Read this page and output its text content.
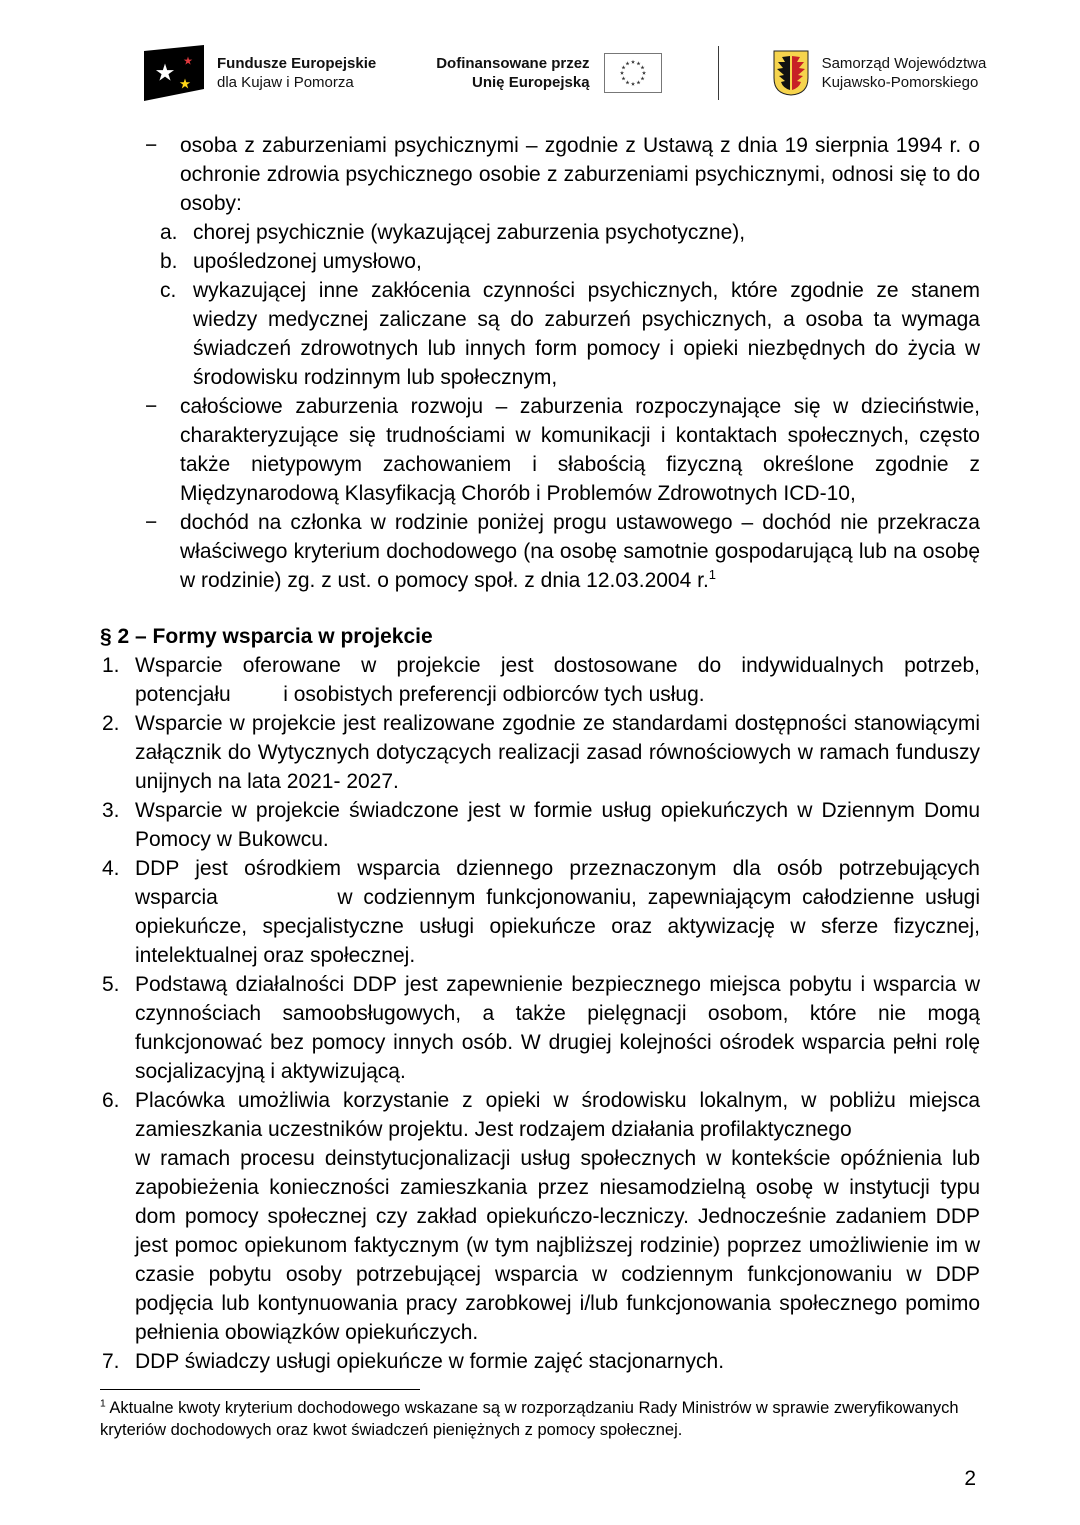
Fundusze Europejskie
dla Kujaw i Pomorza
Dofinansowane przez
Unię Europejską
Samorząd Województwa
Kujawsko-Pomorskiego
−	osoba z zaburzeniami psychicznymi – zgodnie z Ustawą z dnia 19 sierpnia 1994 r. o ochronie zdrowia psychicznego osobie z zaburzeniami psychicznymi, odnosi się to do osoby:

a. chorej psychicznie (wykazującej zaburzenia psychotyczne),

b. upośledzonej umysłowo,

c. wykazującej inne zakłócenia czynności psychicznych, które zgodnie ze stanem wiedzy medycznej zaliczane są do zaburzeń psychicznych, a osoba ta wymaga świadczeń zdrowotnych lub innych form pomocy i opieki niezbędnych do życia w środowisku rodzinnym lub społecznym,

−	całościowe zaburzenia rozwoju – zaburzenia rozpoczynające się w dzieciństwie, charakteryzujące się trudnościami w komunikacji i kontaktach społecznych, często także nietypowym zachowaniem i słabością fizyczną określone zgodnie z Międzynarodową Klasyfikacją Chorób i Problemów Zdrowotnych ICD-10,

−	dochód na członka w rodzinie poniżej progu ustawowego – dochód nie przekracza właściwego kryterium dochodowego (na osobę samotnie gospodarującą lub na osobę w rodzinie) zg. z ust. o pomocy społ. z dnia 12.03.2004 r.$^1$

§ 2 – Formy wsparcia w projekcie
1. Wsparcie oferowane w projekcie jest dostosowane do indywidualnych potrzeb, potencjału         i osobistych preferencji odbiorców tych usług.

2. Wsparcie w projekcie jest realizowane zgodnie ze standardami dostępności stanowiącymi załącznik do Wytycznych dotyczących realizacji zasad równościowych w ramach funduszy unijnych na lata 2021- 2027.

3. Wsparcie w projekcie świadczone jest w formie usług opiekuńczych w Dziennym Domu Pomocy w Bukowcu.

4. DDP jest ośrodkiem wsparcia dziennego przeznaczonym dla osób potrzebujących wsparcia           w codziennym funkcjonowaniu, zapewniającym całodzienne usługi opiekuńcze, specjalistyczne usługi opiekuńcze oraz aktywizację w sferze fizycznej, intelektualnej oraz społecznej.

5. Podstawą działalności DDP jest zapewnienie bezpiecznego miejsca pobytu i wsparcia w czynnościach samoobsługowych, a także pielęgnacji osobom, które nie mogą funkcjonować bez pomocy innych osób. W drugiej kolejności ośrodek wsparcia pełni rolę socjalizacyjną i aktywizującą.

6. Placówka umożliwia korzystanie z opieki w środowisku lokalnym, w pobliżu miejsca zamieszkania uczestników projektu. Jest rodzajem działania profilaktycznego

w ramach procesu deinstytucjonalizacji usług społecznych w kontekście opóźnienia lub zapobieżenia konieczności zamieszkania przez niesamodzielną osobę w instytucji typu dom pomocy społecznej czy zakład opiekuńczo-leczniczy. Jednocześnie zadaniem DDP jest pomoc opiekunom faktycznym (w tym najbliższej rodzinie) poprzez umożliwienie im w czasie pobytu osoby potrzebującej wsparcia w codziennym funkcjonowaniu w DDP podjęcia lub kontynuowania pracy zarobkowej i/lub funkcjonowania społecznego pomimo pełnienia obowiązków opiekuńczych.

7. DDP świadczy usługi opiekuńcze w formie zajęć stacjonarnych.

$^1$ Aktualne kwoty kryterium dochodowego wskazane są w rozporządzaniu Rady Ministrów w sprawie zweryfikowanych kryteriów dochodowych oraz kwot świadczeń pieniężnych z pomocy społecznej.

2
